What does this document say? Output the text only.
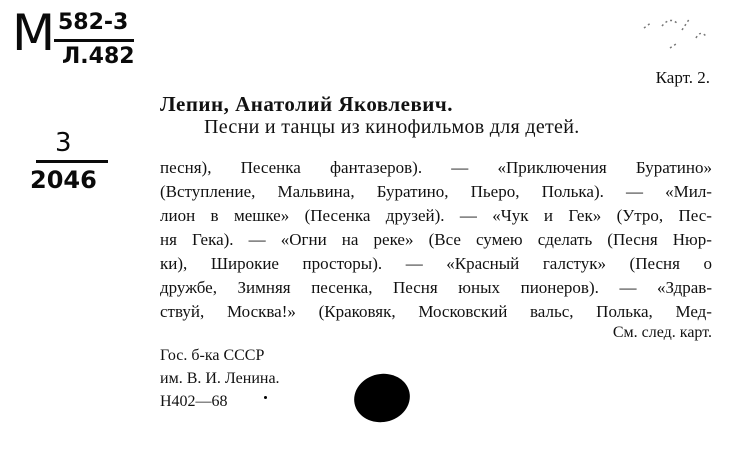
М 582-3
Л.482
3
2046
Карт. 2.
Лепин, Анатолий Яковлевич.
Песни и танцы из кинофильмов для детей.
песня), Песенка фантазеров). — «Приключения Буратино»
(Вступление, Мальвина, Буратино, Пьеро, Полька). — «Мил-
лион в мешке» (Песенка друзей). — «Чук и Гек» (Утро, Пес-
ня Гека). — «Огни на реке» (Все сумею сделать (Песня Нюр-
ки), Широкие просторы). — «Красный галстук» (Песня о
дружбе, Зимняя песенка, Песня юных пионеров). — «Здрав-
ствуй, Москва!» (Краковяк, Московский вальс, Полька, Мед-
См. след. карт.
Гос. б-ка СССР
им. В. И. Ленина.
Н402—68
